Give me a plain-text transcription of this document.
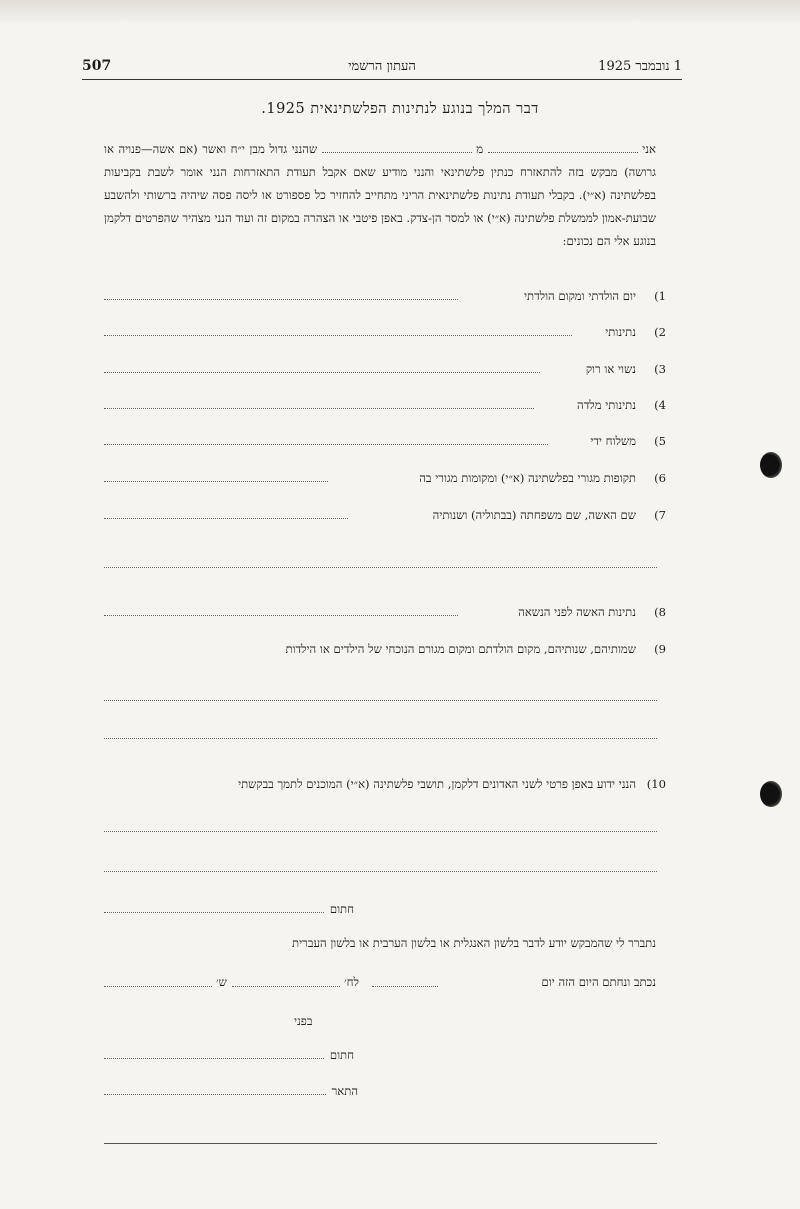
507	העתון הרשמי	1 נובמבר 1925
דבר המלך בנוגע לנתינות הפלשתינאית 1925.
אני  מ  שהנני גדול מבן י״ח ואשר (אם אשה—פנויה או גרושה) מבקש בזה להתאזרח כנתין פלשתינאי והנני מודיע שאם אקבל תעודת התאזרחות הנני אומר לשבת בקביעות בפלשתינה (א״י). בקבלי תעודת נתינות פלשתינאית הריני מתחייב להחזיר כל פספורט או ליסה פסה שיהיה ברשותי ולהשבע שבועת-אמון לממשלת פלשתינה (א״י) או למסר הן-צדק. באפן פיטבי או הצהרה במקום זה ועוד הנני מצהיר שהפרטים דלקמן בנוגע אלי הם נכונים:
1)
יום הולדתי ומקום הולדתי
2)
נתינותי
3)
נשוי או רוק
4)
נתינותי מלדה
5)
משלוח ידי
6)
תקופות מגורי בפלשתינה (א״י) ומקומות מגורי בה
7)
שם האשה, שם משפחתה (בבתוליה) ושנותיה
8)
נתינות האשה לפני הנשאה
9)
שמותיהם, שנותיהם, מקום הולדתם ומקום מגורם הנוכחי של הילדים או הילדות
10)
הנני ידוע באפן פרטי לשני האדונים דלקמן, תושבי פלשתינה (א״י) המוכנים לתמך בבקשתי
חתום
נתברר לי שהמבקש יודע לדבר בלשון האנגלית או בלשון הערבית או בלשון העברית
נכתב ונחתם היום הזה יום
לח׳
ש׳
בפני
חתום
התאר
